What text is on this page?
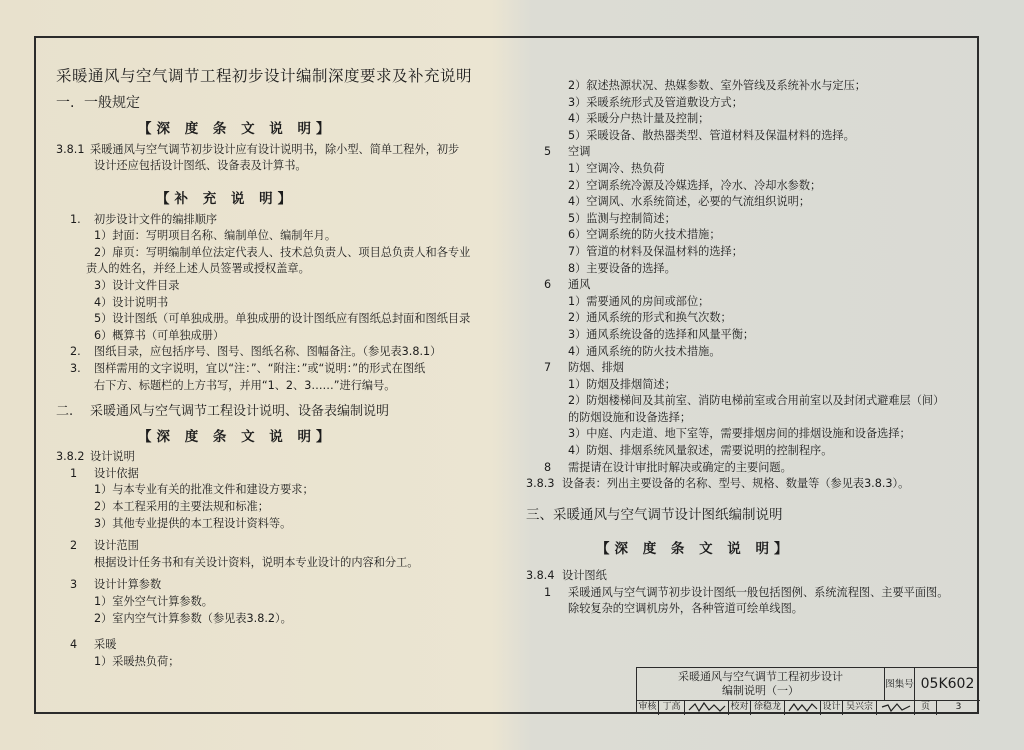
采暖通风与空气调节工程初步设计编制深度要求及补充说明
一. 一般规定
【深 度 条 文 说 明】
3.8.1 采暖通风与空气调节初步设计应有设计说明书，除小型、简单工程外，初步
设计还应包括设计图纸、设备表及计算书。
【补 充 说 明】
1. 初步设计文件的编排顺序
1）封面：写明项目名称、编制单位、编制年月。
2）扉页：写明编制单位法定代表人、技术总负责人、项目总负责人和各专业
责人的姓名，并经上述人员签署或授权盖章。
3）设计文件目录
4）设计说明书
5）设计图纸（可单独成册。单独成册的设计图纸应有图纸总封面和图纸目录
6）概算书（可单独成册）
2. 图纸目录，应包括序号、图号、图纸名称、图幅备注。（参见表3.8.1）
3. 图样需用的文字说明，宜以“注：”、“附注：”或“说明：”的形式在图纸
右下方、标题栏的上方书写，并用“1、2、3……”进行编号。
二. 采暖通风与空气调节工程设计说明、设备表编制说明
【深 度 条 文 说 明】
3.8.2 设计说明
1 设计依据
1）与本专业有关的批准文件和建设方要求；
2）本工程采用的主要法规和标准；
3）其他专业提供的本工程设计资料等。
2 设计范围
根据设计任务书和有关设计资料，说明本专业设计的内容和分工。
3 设计计算参数
1）室外空气计算参数。
2）室内空气计算参数（参见表3.8.2）。
4 采暖
1）采暖热负荷；
2）叙述热源状况、热媒参数、室外管线及系统补水与定压；
3）采暖系统形式及管道敷设方式；
4）采暖分户热计量及控制；
5）采暖设备、散热器类型、管道材料及保温材料的选择。
5 空调
1）空调冷、热负荷
2）空调系统冷源及冷媒选择，冷水、冷却水参数；
4）空调风、水系统简述，必要的气流组织说明；
5）监测与控制简述；
6）空调系统的防火技术措施；
7）管道的材料及保温材料的选择；
8）主要设备的选择。
6 通风
1）需要通风的房间或部位；
2）通风系统的形式和换气次数；
3）通风系统设备的选择和风量平衡；
4）通风系统的防火技术措施。
7 防烟、排烟
1）防烟及排烟简述；
2）防烟楼梯间及其前室、消防电梯前室或合用前室以及封闭式避难层（间）
的防烟设施和设备选择；
3）中庭、内走道、地下室等，需要排烟房间的排烟设施和设备选择；
4）防烟、排烟系统风量叙述，需要说明的控制程序。
8 需提请在设计审批时解决或确定的主要问题。
3.8.3 设备表：列出主要设备的名称、型号、规格、数量等（参见表3.8.3）。
三、采暖通风与空气调节设计图纸编制说明
【深 度 条 文 说 明】
3.8.4 设计图纸
1 采暖通风与空气调节初步设计图纸一般包括图例、系统流程图、主要平面图。
除较复杂的空调机房外，各种管道可绘单线图。
采暖通风与空气调节工程初步设计
编制说明（一）	图集号 05K602
审核 丁高	校对 徐稳龙	设计 吴兴宗	页	3
